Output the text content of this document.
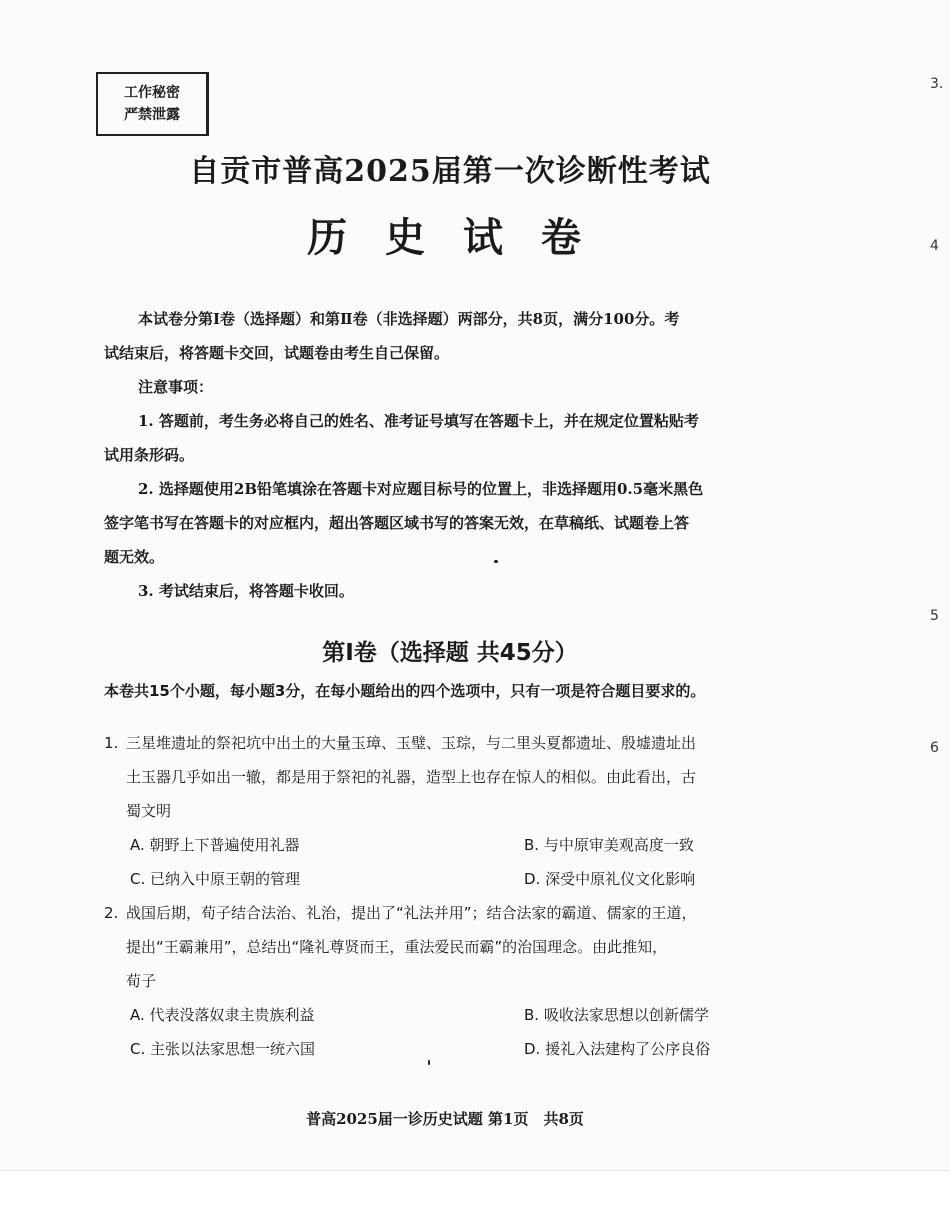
工作秘密
严禁泄露
自贡市普高2025届第一次诊断性考试
历 史 试 卷

本试卷分第Ⅰ卷（选择题）和第Ⅱ卷（非选择题）两部分，共8页，满分100分。考

试结束后，将答题卡交回，试题卷由考生自己保留。

注意事项：

1. 答题前，考生务必将自己的姓名、准考证号填写在答题卡上，并在规定位置粘贴考

试用条形码。

2. 选择题使用2B铅笔填涂在答题卡对应题目标号的位置上，非选择题用0.5毫米黑色

签字笔书写在答题卡的对应框内，超出答题区域书写的答案无效，在草稿纸、试题卷上答

题无效。

3. 考试结束后，将答题卡收回。

第Ⅰ卷（选择题 共45分）
本卷共15个小题，每小题3分，在每小题给出的四个选项中，只有一项是符合题目要求的。

1. 三星堆遗址的祭祀坑中出土的大量玉璋、玉璧、玉琮，与二里头夏都遗址、殷墟遗址出

土玉器几乎如出一辙，都是用于祭祀的礼器，造型上也存在惊人的相似。由此看出，古
蜀文明

A. 朝野上下普遍使用礼器	B. 与中原审美观高度一致

C. 已纳入中原王朝的管理	D. 深受中原礼仪文化影响

2. 战国后期，荀子结合法治、礼治，提出了“礼法并用”；结合法家的霸道、儒家的王道，

提出“王霸兼用”，总结出“隆礼尊贤而王，重法爱民而霸”的治国理念。由此推知，
荀子

A. 代表没落奴隶主贵族利益	B. 吸收法家思想以创新儒学

C. 主张以法家思想一统六国	D. 援礼入法建构了公序良俗

普高2025届一诊历史试题 第1页　共8页
3.
4
5
6
